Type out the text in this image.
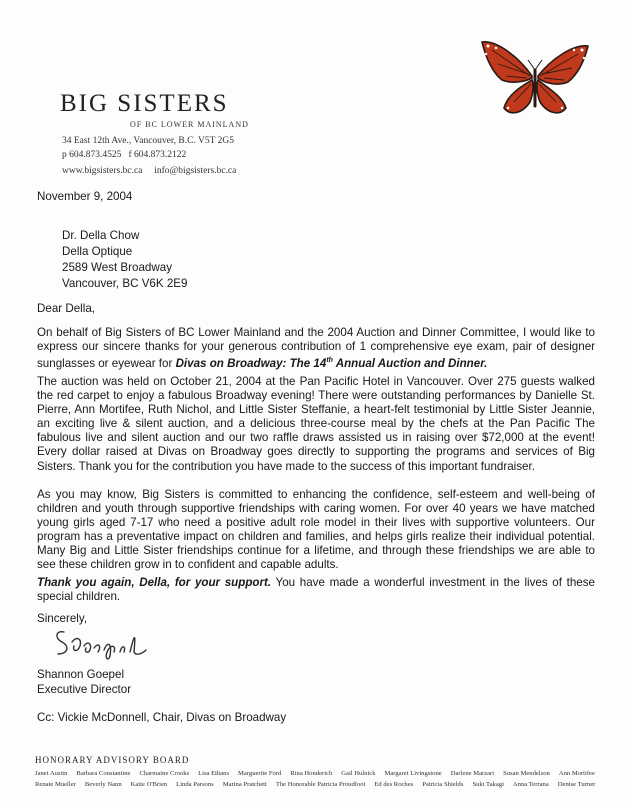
BIG SISTERS
OF BC LOWER MAINLAND
34 East 12th Ave., Vancouver, B.C. V5T 2G5
p 604.873.4525   f 604.873.2122
www.bigsisters.bc.ca     info@bigsisters.bc.ca
November 9, 2004
Dr. Della Chow
Della Optique
2589 West Broadway
Vancouver, BC V6K 2E9
Dear Della,
On behalf of Big Sisters of BC Lower Mainland and the 2004 Auction and Dinner Committee, I would like to express our sincere thanks for your generous contribution of 1 comprehensive eye exam, pair of designer sunglasses or eyewear for Divas on Broadway: The 14th Annual Auction and Dinner.
The auction was held on October 21, 2004 at the Pan Pacific Hotel in Vancouver. Over 275 guests walked the red carpet to enjoy a fabulous Broadway evening! There were outstanding performances by Danielle St. Pierre, Ann Mortifee, Ruth Nichol, and Little Sister Steffanie, a heart-felt testimonial by Little Sister Jeannie, an exciting live & silent auction, and a delicious three-course meal by the chefs at the Pan Pacific The fabulous live and silent auction and our two raffle draws assisted us in raising over $72,000 at the event! Every dollar raised at Divas on Broadway goes directly to supporting the programs and services of Big Sisters. Thank you for the contribution you have made to the success of this important fundraiser.
As you may know, Big Sisters is committed to enhancing the confidence, self-esteem and well-being of children and youth through supportive friendships with caring women. For over 40 years we have matched young girls aged 7-17 who need a positive adult role model in their lives with supportive volunteers. Our program has a preventative impact on children and families, and helps girls realize their individual potential. Many Big and Little Sister friendships continue for a lifetime, and through these friendships we are able to see these children grow in to confident and capable adults.
Thank you again, Della, for your support. You have made a wonderful investment in the lives of these special children.
Sincerely,
Shannon Goepel
Executive Director
Cc: Vickie McDonnell, Chair, Divas on Broadway
HONORARY ADVISORY BOARD
Janet Austin Barbara Constantine Charmaine Crooks Lisa Ethans Marguerite Ford Rina Honderich Gail Hulnick Margaret Livingstone Darlene Marzari Susan Mendelson Ann Mortifee
Renate Mueller Beverly Nann Katie O'Brien Linda Parsons Marina Pratchett The Honorable Patricia Proudfoot Ed des Roches Patricia Shields Suki Takagi Anna Terrana Denise Turner
